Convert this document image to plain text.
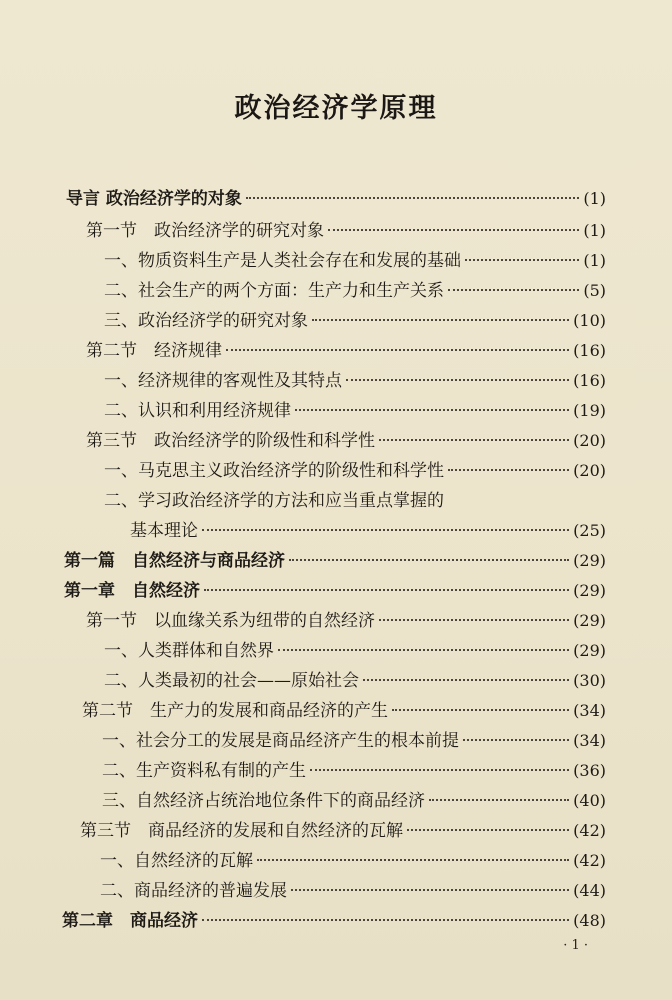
政治经济学原理
导言 政治经济学的对象	(1)
第一节　政治经济学的研究对象	(1)
一、物质资料生产是人类社会存在和发展的基础	(1)
二、社会生产的两个方面：生产力和生产关系	(5)
三、政治经济学的研究对象	(10)
第二节　经济规律	(16)
一、经济规律的客观性及其特点	(16)
二、认识和利用经济规律	(19)
第三节　政治经济学的阶级性和科学性	(20)
一、马克思主义政治经济学的阶级性和科学性	(20)
二、学习政治经济学的方法和应当重点掌握的
基本理论	(25)
第一篇　自然经济与商品经济	(29)
第一章　自然经济	(29)
第一节　以血缘关系为纽带的自然经济	(29)
一、人类群体和自然界	(29)
二、人类最初的社会——原始社会	(30)
第二节　生产力的发展和商品经济的产生	(34)
一、社会分工的发展是商品经济产生的根本前提	(34)
二、生产资料私有制的产生	(36)
三、自然经济占统治地位条件下的商品经济	(40)
第三节　商品经济的发展和自然经济的瓦解	(42)
一、自然经济的瓦解	(42)
二、商品经济的普遍发展	(44)
第二章　商品经济	(48)
· 1 ·
